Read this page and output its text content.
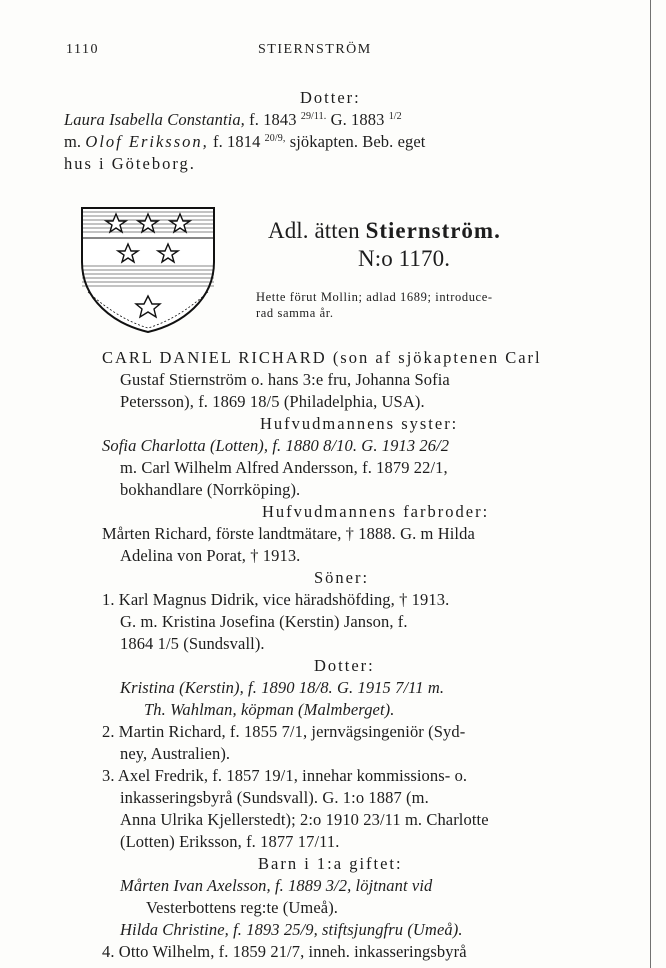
1110	STIERNSTRÖM
Dotter:
Laura Isabella Constantia, f. 1843 $^{29/11.}$ G. 1883 $^{1/2}$
m. Olof Eriksson, f. 1814 $^{20/9,}$ sjökapten. Beb. eget
hus i Göteborg.
Adl. ätten Stiernström.
N:o 1170.
Hette förut Mollin; adlad 1689; introduce-
rad samma år.
CARL DANIEL RICHARD (son af sjökaptenen Carl
Gustaf Stiernström o. hans 3:e fru, Johanna Sofia
Petersson), f. 1869 18/5 (Philadelphia, USA).
Hufvudmannens syster:
Sofia Charlotta (Lotten), f. 1880 8/10. G. 1913 26/2
m. Carl Wilhelm Alfred Andersson, f. 1879 22/1,
bokhandlare (Norrköping).
Hufvudmannens farbroder:
Mårten Richard, förste landtmätare, † 1888. G. m Hilda
Adelina von Porat, † 1913.
Söner:
1. Karl Magnus Didrik, vice häradshöfding, † 1913.
G. m. Kristina Josefina (Kerstin) Janson, f.
1864 1/5 (Sundsvall).
Dotter:
Kristina (Kerstin), f. 1890 18/8. G. 1915 7/11 m.
Th. Wahlman, köpman (Malmberget).
2. Martin Richard, f. 1855 7/1, jernvägsingeniör (Syd-
ney, Australien).
3. Axel Fredrik, f. 1857 19/1, innehar kommissions- o.
inkasseringsbyrå (Sundsvall). G. 1:o 1887 (m.
Anna Ulrika Kjellerstedt); 2:o 1910 23/11 m. Charlotte
(Lotten) Eriksson, f. 1877 17/11.
Barn i 1:a giftet:
Mårten Ivan Axelsson, f. 1889 3/2, löjtnant vid
Vesterbottens reg:te (Umeå).
Hilda Christine, f. 1893 25/9, stiftsjungfru (Umeå).
4. Otto Wilhelm, f. 1859 21/7, inneh. inkasseringsbyrå
